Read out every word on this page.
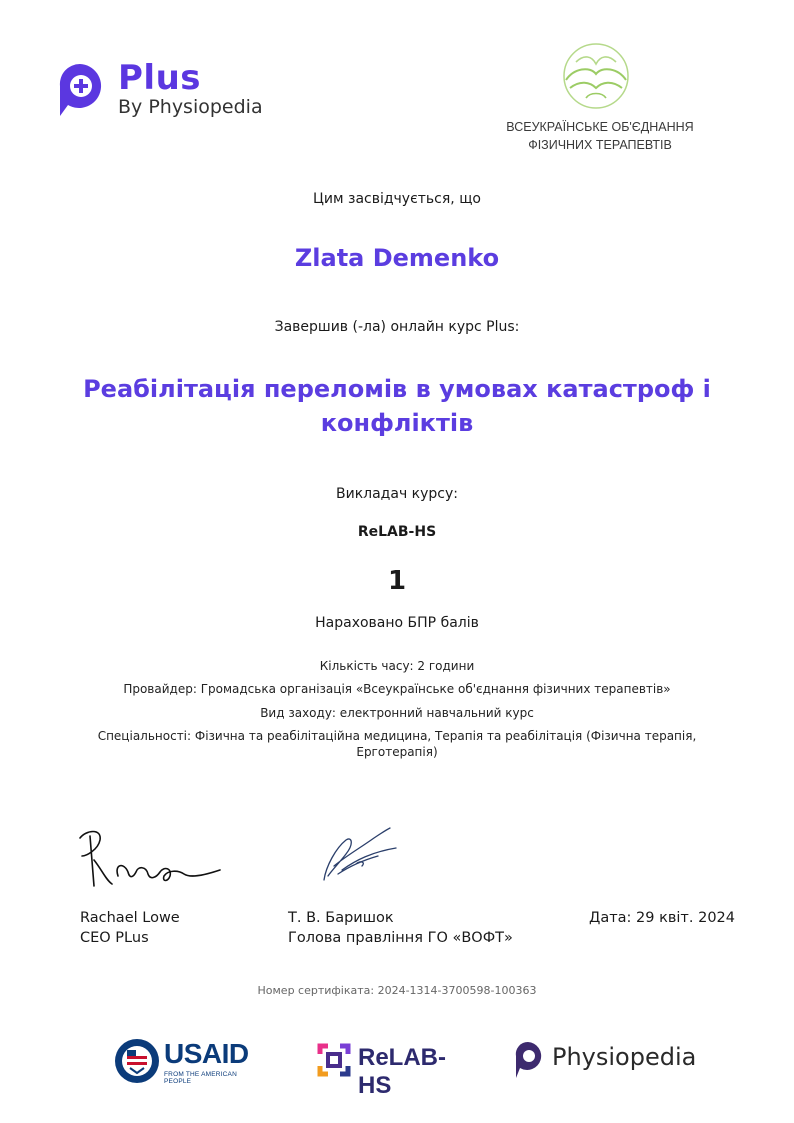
Plus
By Physiopedia
ВСЕУКРАЇНСЬКЕ ОБ'ЄДНАННЯ
ФІЗИЧНИХ ТЕРАПЕВТІВ
Цим засвідчується, що
Zlata Demenko
Завершив (-ла) онлайн курс Plus:
Реабілітація переломів в умовах катастроф і конфліктів
Викладач курсу:
ReLAB-HS
1
Нараховано БПР балів
Кількість часу: 2 години
Провайдер: Громадська організація «Всеукраїнське об'єднання фізичних терапевтів»
Вид заходу: електронний навчальний курс
Спеціальності: Фізична та реабілітаційна медицина, Терапія та реабілітація (Фізична терапія, Ерготерапія)
Rachael Lowe
CEO PLus
Т. В. Баришок
Голова правління ГО «ВОФТ»
Дата: 29 квіт. 2024
Номер сертифіката: 2024-1314-3700598-100363
USAID
FROM THE AMERICAN PEOPLE
ReLAB-HS
Physiopedia
